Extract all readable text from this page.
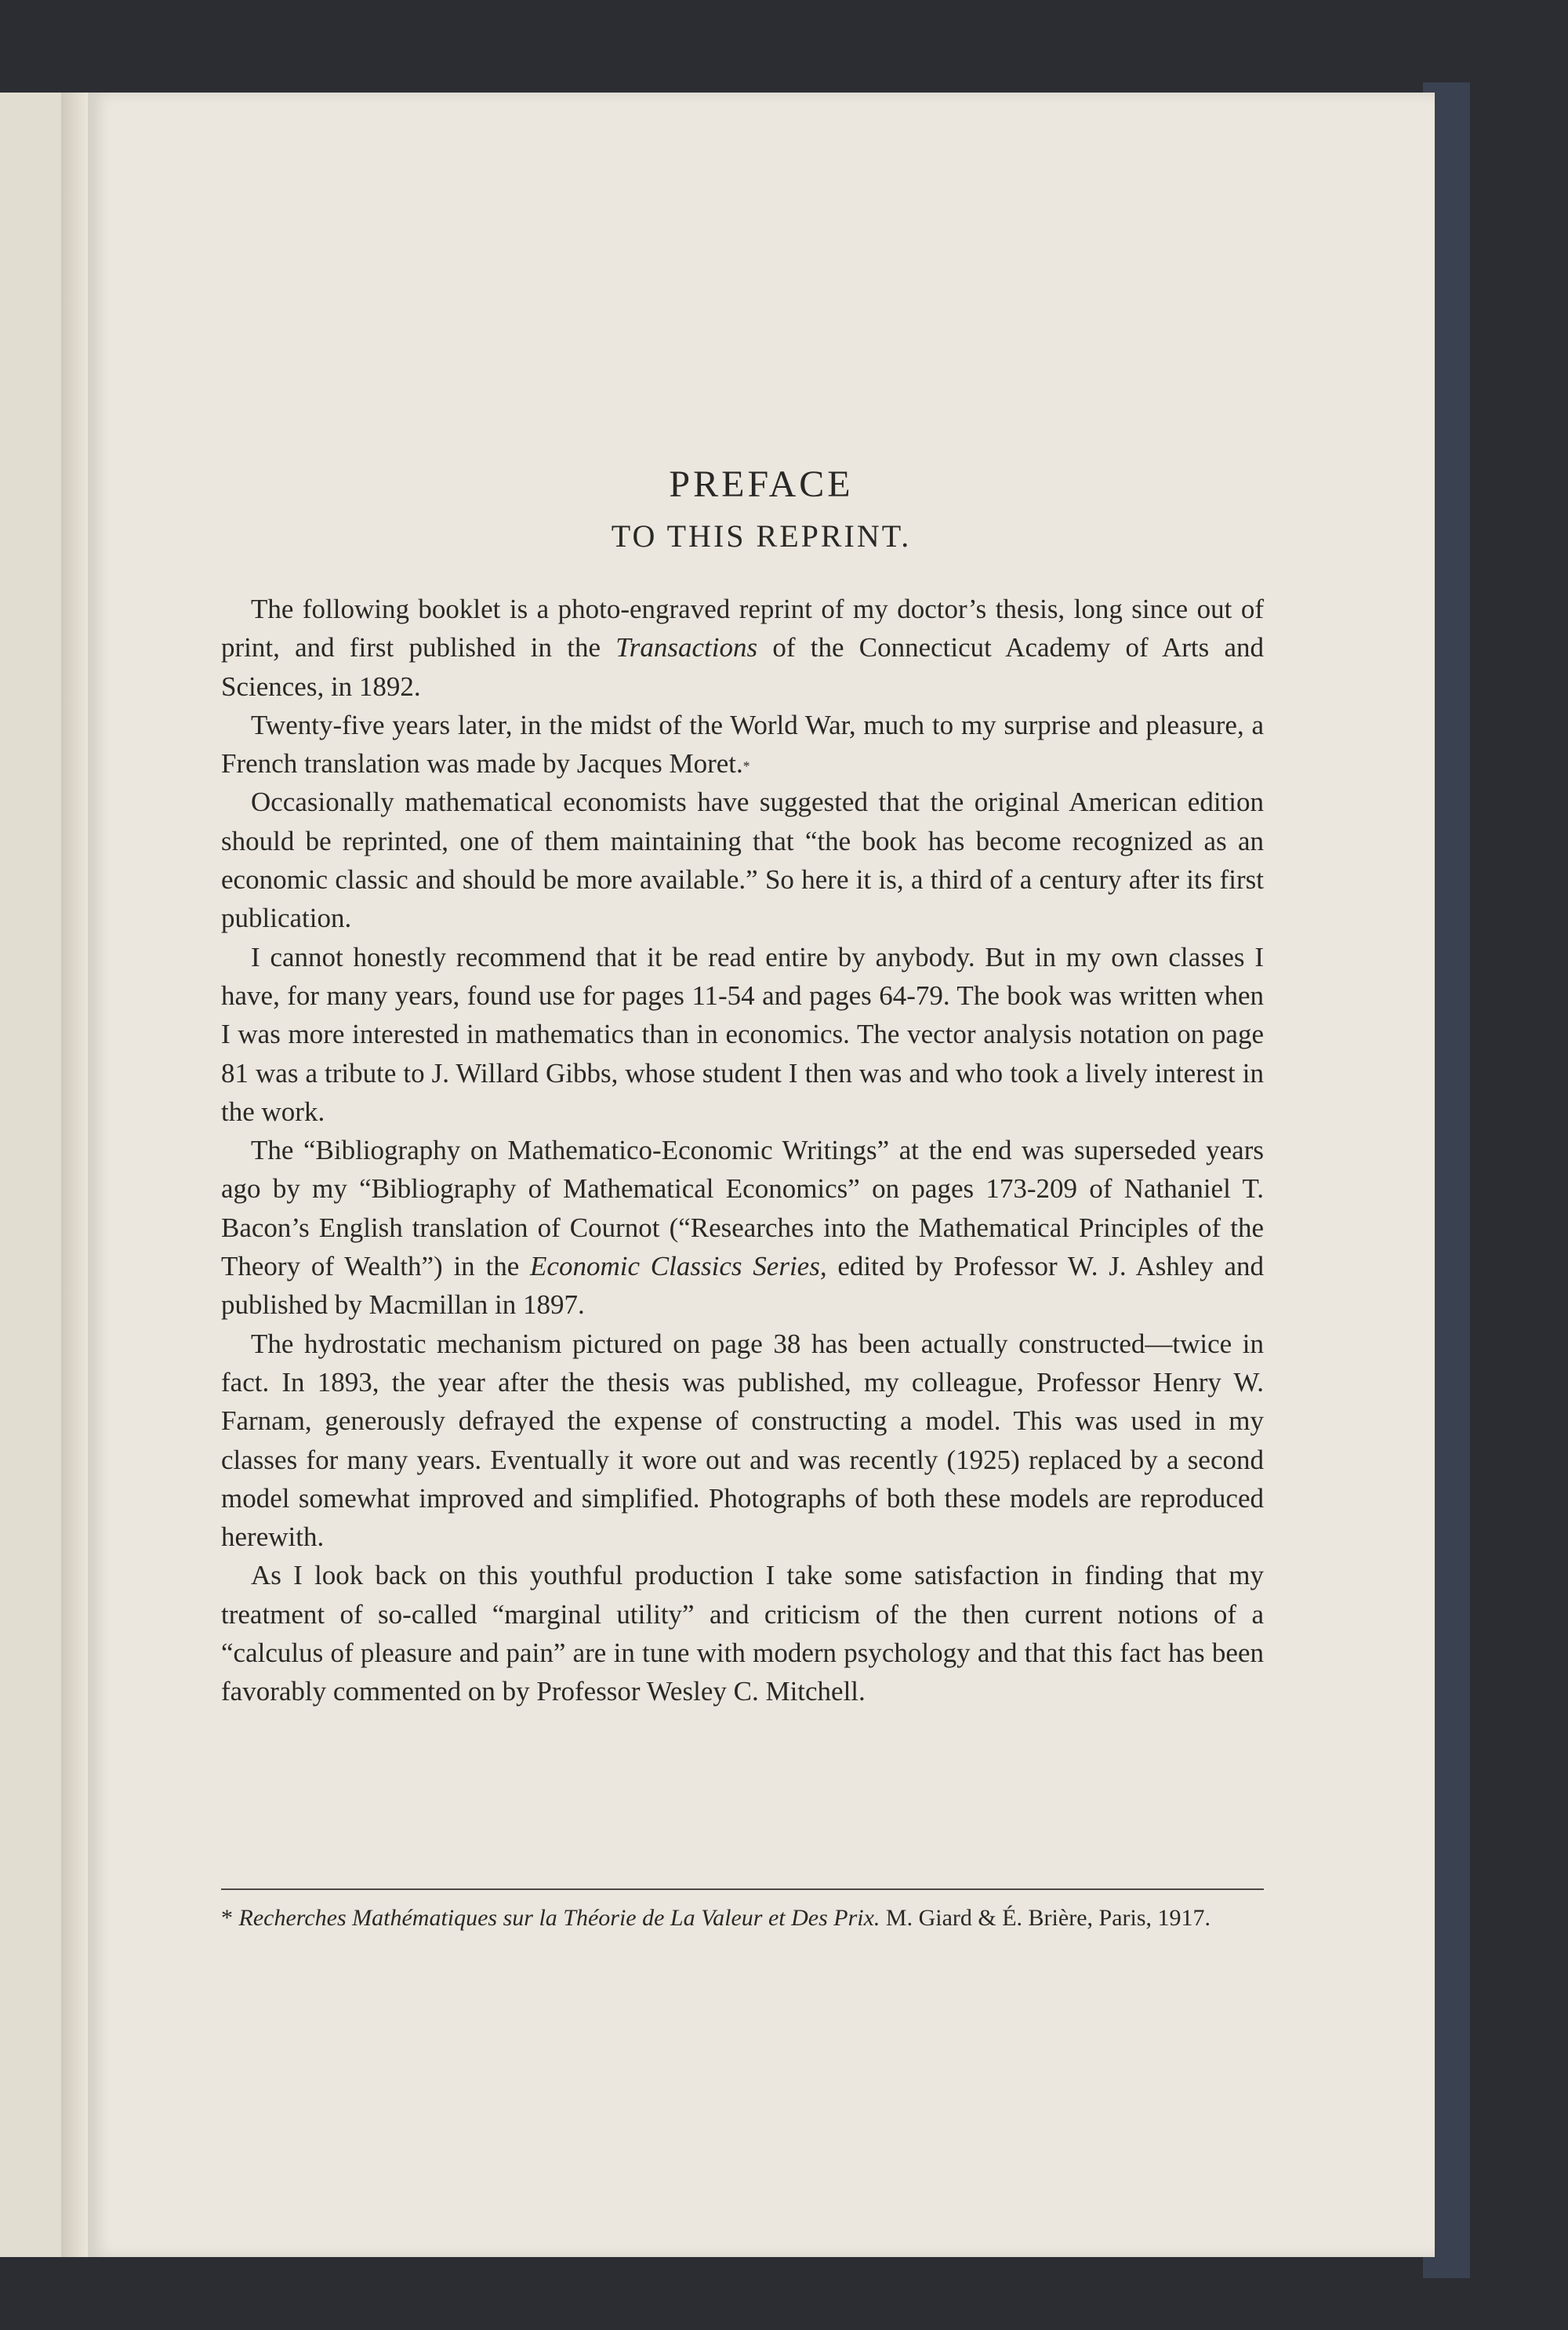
PREFACE
TO THIS REPRINT.

The following booklet is a photo-engraved reprint of my doctor’s thesis, long since out of print, and first published in the Transactions of the Connecticut Academy of Arts and Sciences, in 1892.

Twenty-five years later, in the midst of the World War, much to my surprise and pleasure, a French translation was made by Jacques Moret.*

Occasionally mathematical economists have suggested that the original American edition should be reprinted, one of them maintaining that “the book has become recognized as an economic classic and should be more available.” So here it is, a third of a century after its first publication.

I cannot honestly recommend that it be read entire by anybody. But in my own classes I have, for many years, found use for pages 11-54 and pages 64-79. The book was written when I was more interested in mathematics than in economics. The vector analysis notation on page 81 was a tribute to J. Willard Gibbs, whose student I then was and who took a lively interest in the work.

The “Bibliography on Mathematico-Economic Writings” at the end was superseded years ago by my “Bibliography of Mathematical Economics” on pages 173-209 of Nathaniel T. Bacon’s English translation of Cournot (“Researches into the Mathematical Principles of the Theory of Wealth”) in the Economic Classics Series, edited by Professor W. J. Ashley and published by Macmillan in 1897.

The hydrostatic mechanism pictured on page 38 has been actually constructed—twice in fact. In 1893, the year after the thesis was published, my colleague, Professor Henry W. Farnam, generously defrayed the expense of constructing a model. This was used in my classes for many years. Eventually it wore out and was recently (1925) replaced by a second model somewhat improved and simplified. Photographs of both these models are reproduced herewith.

As I look back on this youthful production I take some satisfaction in finding that my treatment of so-called “marginal utility” and criticism of the then current notions of a “calculus of pleasure and pain” are in tune with modern psychology and that this fact has been favorably commented on by Professor Wesley C. Mitchell.

* Recherches Mathématiques sur la Théorie de La Valeur et Des Prix. M. Giard & É. Brière, Paris, 1917.
